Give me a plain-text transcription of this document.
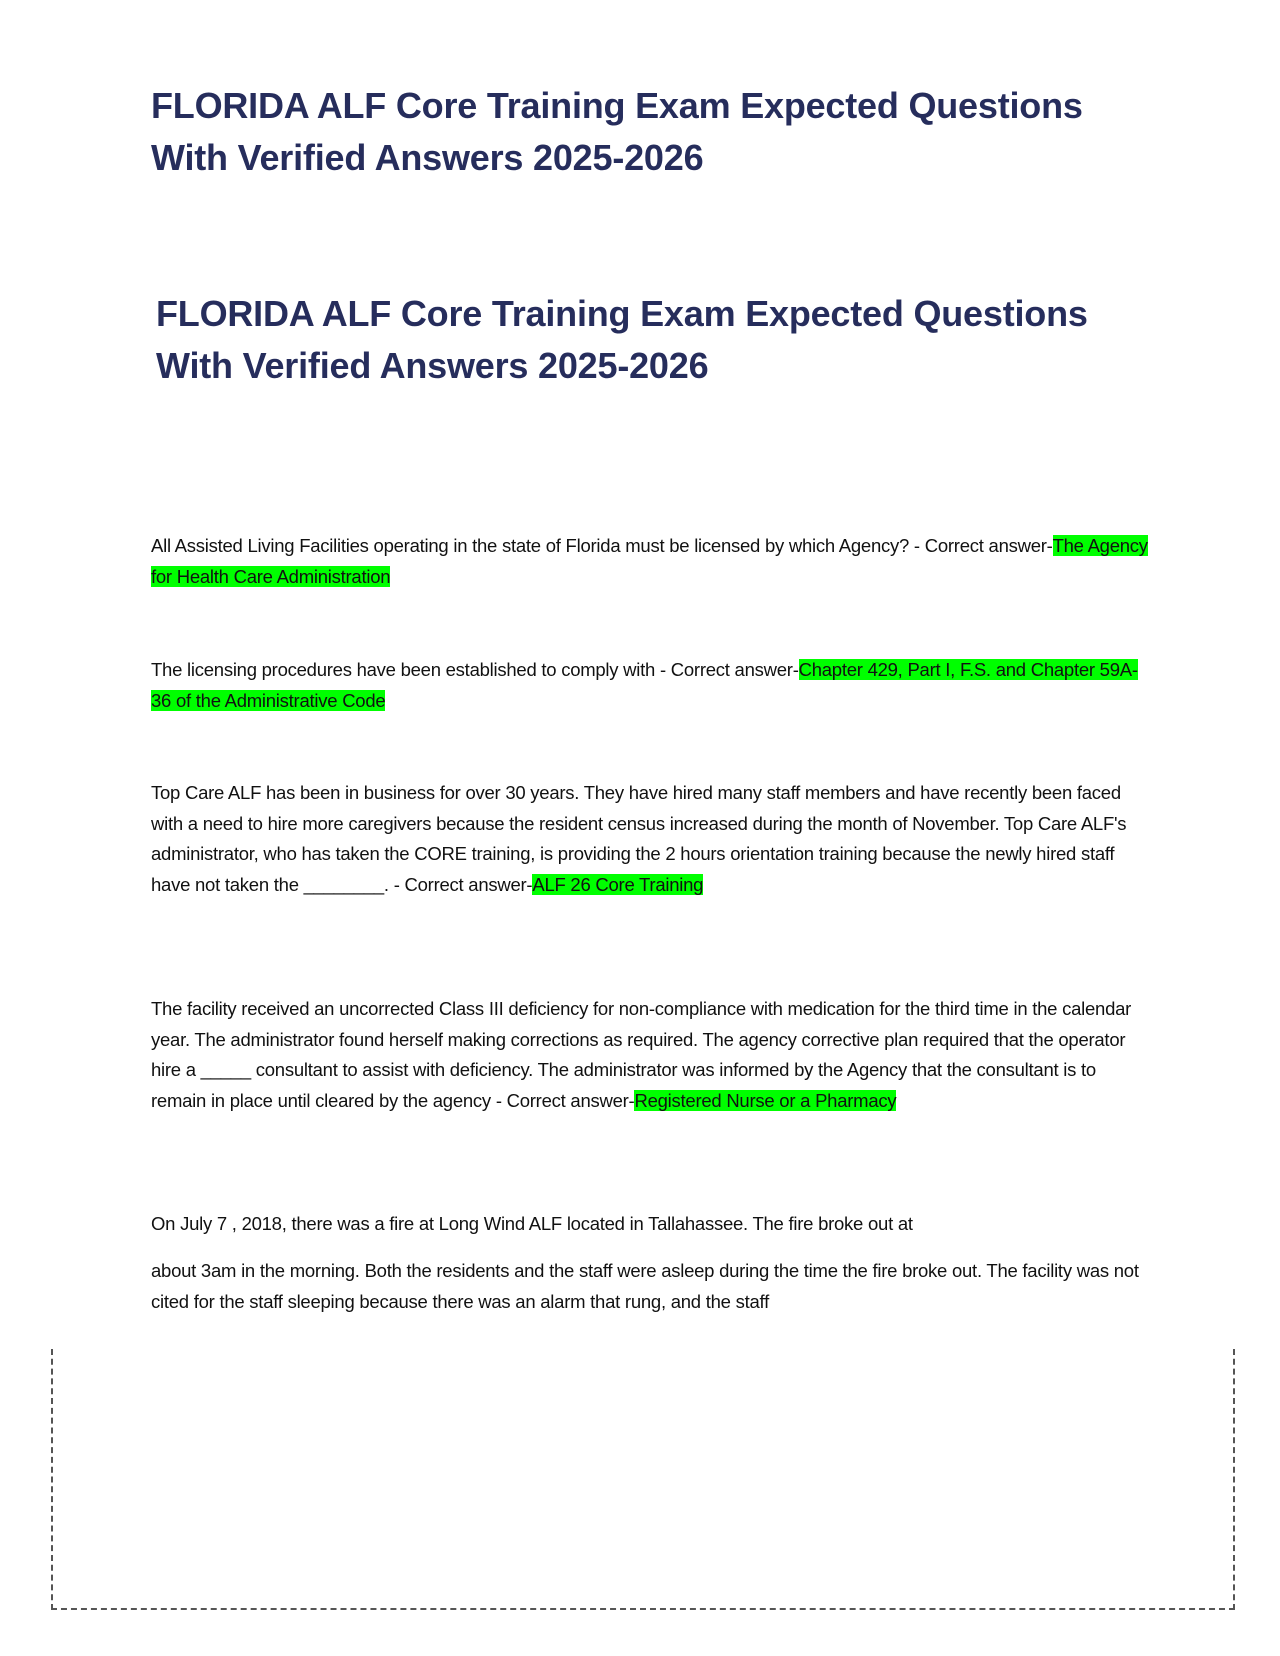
FLORIDA ALF Core Training Exam Expected Questions With Verified Answers 2025-2026
FLORIDA ALF Core Training Exam Expected Questions With Verified Answers 2025-2026

All Assisted Living Facilities operating in the state of Florida must be licensed by which Agency? - Correct answer-The Agency for Health Care Administration

The licensing procedures have been established to comply with - Correct answer-Chapter 429, Part I, F.S. and Chapter 59A-36 of the Administrative Code

Top Care ALF has been in business for over 30 years. They have hired many staff members and have recently been faced with a need to hire more caregivers because the resident census increased during the month of November. Top Care ALF's administrator, who has taken the CORE training, is providing the 2 hours orientation training because the newly hired staff have not taken the ________. - Correct answer-ALF 26 Core Training

The facility received an uncorrected Class III deficiency for non-compliance with medication for the third time in the calendar year. The administrator found herself making corrections as required. The agency corrective plan required that the operator hire a _____ consultant to assist with deficiency. The administrator was informed by the Agency that the consultant is to remain in place until cleared by the agency - Correct answer-Registered Nurse or a Pharmacy

On July 7 , 2018, there was a fire at Long Wind ALF located in Tallahassee. The fire broke out at

about 3am in the morning. Both the residents and the staff were asleep during the time the fire broke out. The facility was not cited for the staff sleeping because there was an alarm that rung, and the staff
